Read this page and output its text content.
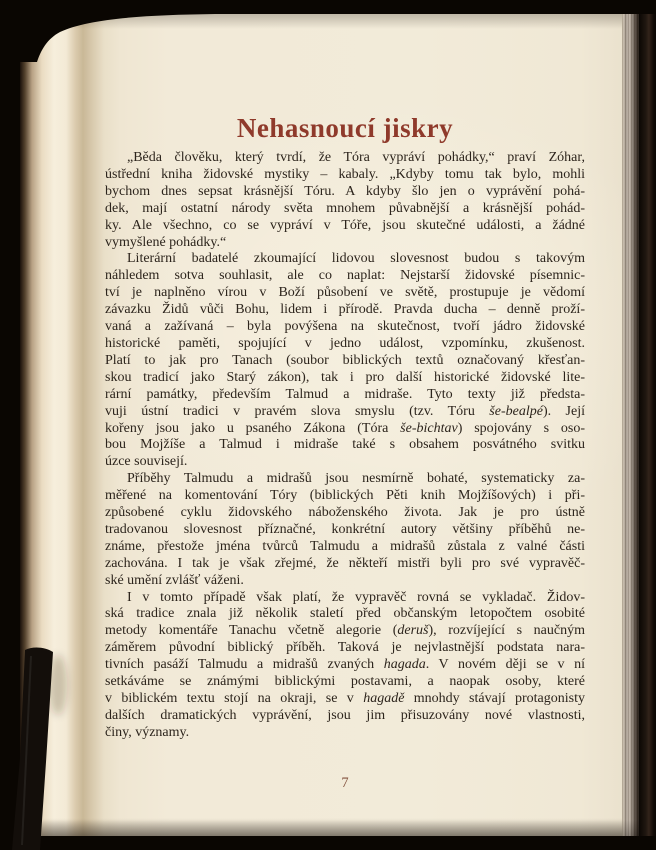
Nehasnoucí jiskry
„Běda člověku, který tvrdí, že Tóra vypráví pohádky,“ praví Zóhar,
ústřední kniha židovské mystiky – kabaly. „Kdyby tomu tak bylo, mohli
bychom dnes sepsat krásnější Tóru. A kdyby šlo jen o vyprávění pohá-
dek, mají ostatní národy světa mnohem půvabnější a krásnější pohád-
ky. Ale všechno, co se vypráví v Tóře, jsou skutečné události, a žádné
vymyšlené pohádky.“
Literární badatelé zkoumající lidovou slovesnost budou s takovým
náhledem sotva souhlasit, ale co naplat: Nejstarší židovské písemnic-
tví je naplněno vírou v Boží působení ve světě, prostupuje je vědomí
závazku Židů vůči Bohu, lidem i přírodě. Pravda ducha – denně proží-
vaná a zažívaná – byla povýšena na skutečnost, tvoří jádro židovské
historické paměti, spojující v jedno událost, vzpomínku, zkušenost.
Platí to jak pro Tanach (soubor biblických textů označovaný křesťan-
skou tradicí jako Starý zákon), tak i pro další historické židovské lite-
rární památky, především Talmud a midraše. Tyto texty již předsta-
vuji ústní tradici v pravém slova smyslu (tzv. Tóru še-bealpé). Její
kořeny jsou jako u psaného Zákona (Tóra še-bichtav) spojovány s oso-
bou Mojžíše a Talmud i midraše také s obsahem posvátného svitku
úzce souvisejí.
Příběhy Talmudu a midrašů jsou nesmírně bohaté, systematicky za-
měřené na komentování Tóry (biblických Pěti knih Mojžíšových) i při-
způsobené cyklu židovského náboženského života. Jak je pro ústně
tradovanou slovesnost příznačné, konkrétní autory většiny příběhů ne-
známe, přestože jména tvůrců Talmudu a midrašů zůstala z valné části
zachována. I tak je však zřejmé, že někteří mistři byli pro své vypravěč-
ské umění zvlášť váženi.
I v tomto případě však platí, že vypravěč rovná se vykladač. Židov-
ská tradice znala již několik staletí před občanským letopočtem osobité
metody komentáře Tanachu včetně alegorie (deruš), rozvíjející s naučným
záměrem původní biblický příběh. Taková je nejvlastnější podstata nara-
tivních pasáží Talmudu a midrašů zvaných hagada. V novém ději se v ní
setkáváme se známými biblickými postavami, a naopak osoby, které
v biblickém textu stojí na okraji, se v hagadě mnohdy stávají protagonisty
dalších dramatických vyprávění, jsou jim přisuzovány nové vlastnosti,
činy, významy.
7
